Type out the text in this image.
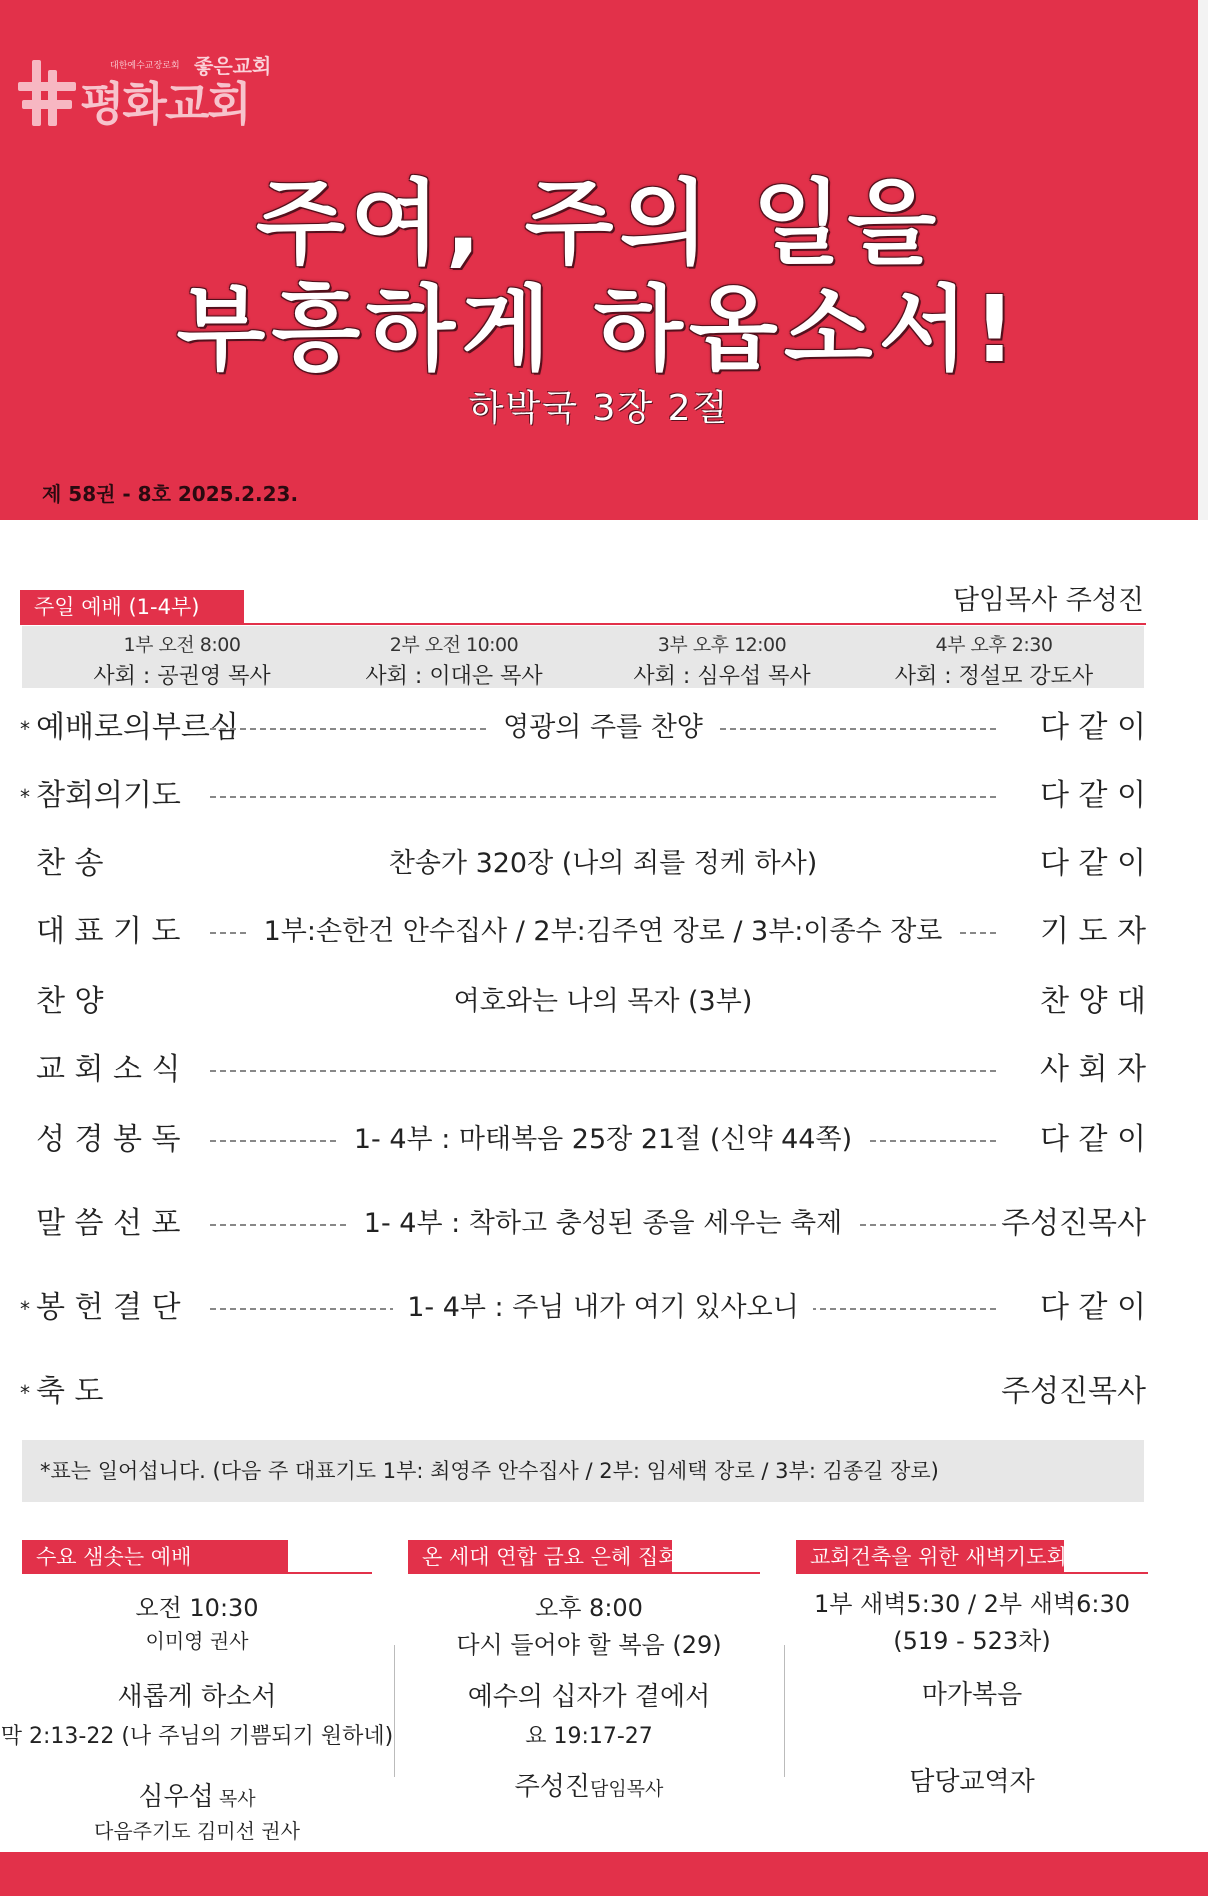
대한예수교장로회 좋은교회
평화교회
주여, 주의 일을
부흥하게 하옵소서!
하박국 3장 2절
제 58권 - 8호 2025.2.23.
주일 예배 (1-4부)	담임목사 주성진
1부 오전 8:00
사회 : 공권영 목사
2부 오전 10:00
사회 : 이대은 목사
3부 오후 12:00
사회 : 심우섭 목사
4부 오후 2:30
사회 : 정설모 강도사
* 예배로의부르심	영광의 주를 찬양	다 같 이
* 참회의기도	다 같 이
찬 송	찬송가 320장 (나의 죄를 정케 하사)	다 같 이
대 표 기 도	1부:손한건 안수집사 / 2부:김주연 장로 / 3부:이종수 장로	기 도 자
찬 양	여호와는 나의 목자 (3부)	찬 양 대
교 회 소 식	사 회 자
성 경 봉 독	1- 4부 : 마태복음 25장 21절 (신약 44쪽)	다 같 이
말 씀 선 포	1- 4부 : 착하고 충성된 종을 세우는 축제	주성진목사
* 봉 헌 결 단	1- 4부 : 주님 내가 여기 있사오니	다 같 이
* 축 도	주성진목사
*표는 일어섭니다. (다음 주 대표기도 1부: 최영주 안수집사 / 2부: 임세택 장로 / 3부: 김종길 장로)
수요 샘솟는 예배	온 세대 연합 금요 은혜 집회	교회건축을 위한 새벽기도회
오전 10:30
이미영 권사
새롭게 하소서
막 2:13-22 (나 주님의 기쁨되기 원하네)
심우섭 목사
다음주기도 김미선 권사
오후 8:00
다시 들어야 할 복음 (29)
예수의 십자가 곁에서
요 19:17-27
주성진담임목사
1부 새벽5:30 / 2부 새벽6:30
(519 - 523차)
마가복음
담당교역자
